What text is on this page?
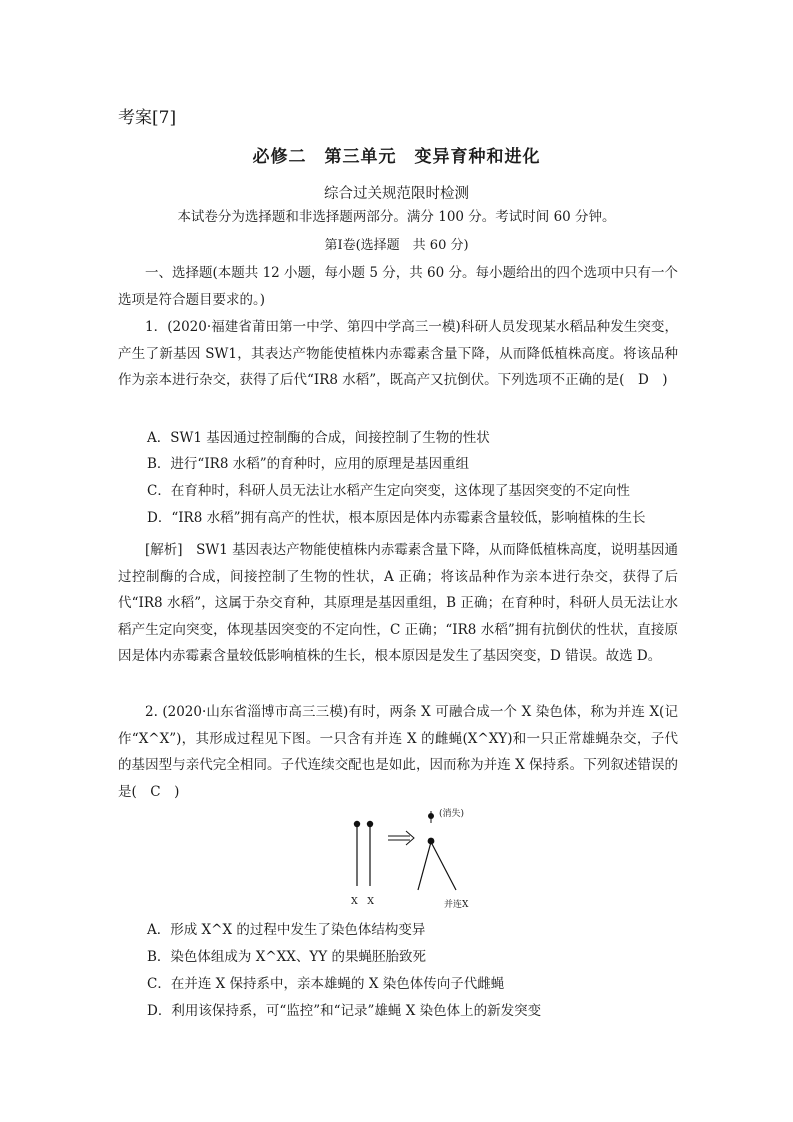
考案[7]
必修二　第三单元　变异育种和进化
综合过关规范限时检测
本试卷分为选择题和非选择题两部分。满分 100 分。考试时间 60 分钟。
第Ⅰ卷(选择题　共 60 分)
一、选择题(本题共 12 小题，每小题 5 分，共 60 分。每小题给出的四个选项中只有一个选项是符合题目要求的。)
1．(2020·福建省莆田第一中学、第四中学高三一模)科研人员发现某水稻品种发生突变，产生了新基因 SW1，其表达产物能使植株内赤霉素含量下降，从而降低植株高度。将该品种作为亲本进行杂交，获得了后代“IR8 水稻”，既高产又抗倒伏。下列选项不正确的是(　D　)
A．SW1 基因通过控制酶的合成，间接控制了生物的性状
B．进行“IR8 水稻”的育种时，应用的原理是基因重组
C．在育种时，科研人员无法让水稻产生定向突变，这体现了基因突变的不定向性
D．“IR8 水稻”拥有高产的性状，根本原因是体内赤霉素含量较低，影响植株的生长
[解析]　SW1 基因表达产物能使植株内赤霉素含量下降，从而降低植株高度，说明基因通过控制酶的合成，间接控制了生物的性状，A 正确；将该品种作为亲本进行杂交，获得了后代“IR8 水稻”，这属于杂交育种，其原理是基因重组，B 正确；在育种时，科研人员无法让水稻产生定向突变，体现基因突变的不定向性，C 正确；“IR8 水稻”拥有抗倒伏的性状，直接原因是体内赤霉素含量较低影响植株的生长，根本原因是发生了基因突变，D 错误。故选 D。
2. (2020·山东省淄博市高三三模)有时，两条 X 可融合成一个 X 染色体，称为并连 X(记作“X^X”)，其形成过程见下图。一只含有并连 X 的雌蝇(X^XY)和一只正常雄蝇杂交，子代的基因型与亲代完全相同。子代连续交配也是如此，因而称为并连 X 保持系。下列叙述错误的是(　C　)
(消失)
X　X	并连X
A．形成 X^X 的过程中发生了染色体结构变异
B．染色体组成为 X^XX、YY 的果蝇胚胎致死
C．在并连 X 保持系中，亲本雄蝇的 X 染色体传向子代雌蝇
D．利用该保持系，可“监控”和“记录”雄蝇 X 染色体上的新发突变
